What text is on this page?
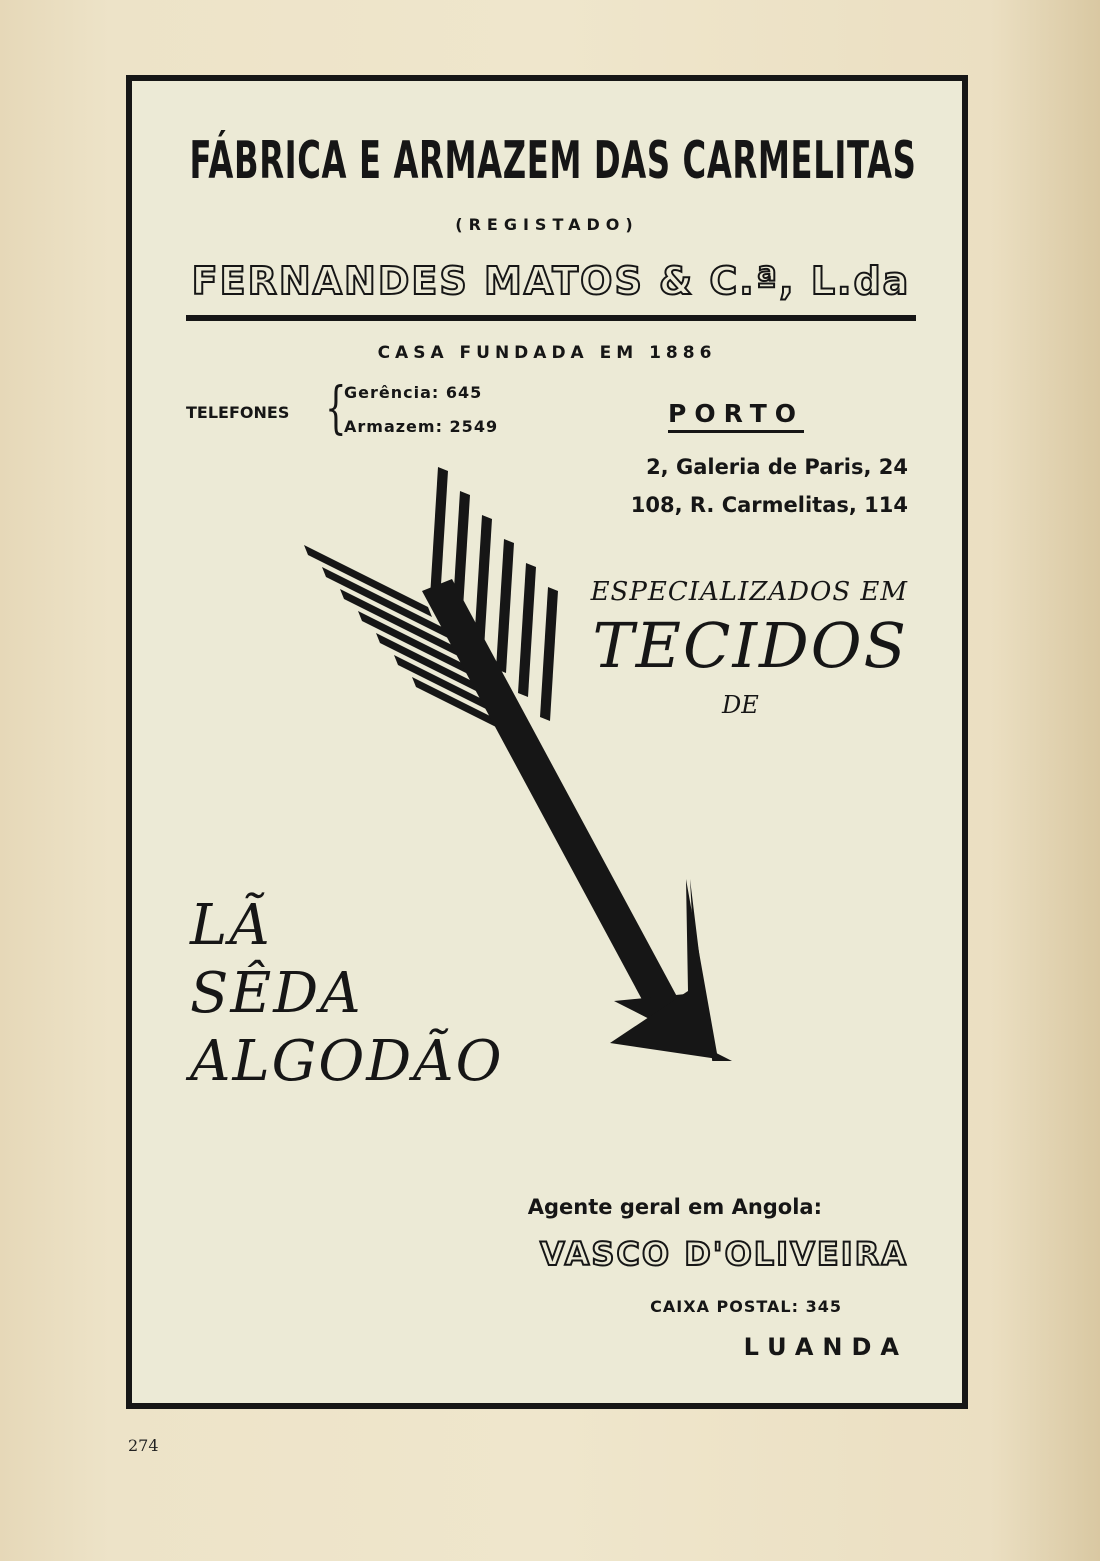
FÁBRICA E ARMAZEM DAS CARMELITAS

(REGISTADO)

FERNANDES MATOS & C.ª, L.da

CASA FUNDADA EM 1886

TELEFONES {

Gerência: 645

Armazem: 2549	PORTO

2, Galeria de Paris, 24

108, R. Carmelitas, 114

ESPECIALIZADOS EM

TECIDOS

DE

LÃ

SÊDA

ALGODÃO

Agente geral em Angola:

VASCO D'OLIVEIRA

CAIXA POSTAL: 345

LUANDA

274
